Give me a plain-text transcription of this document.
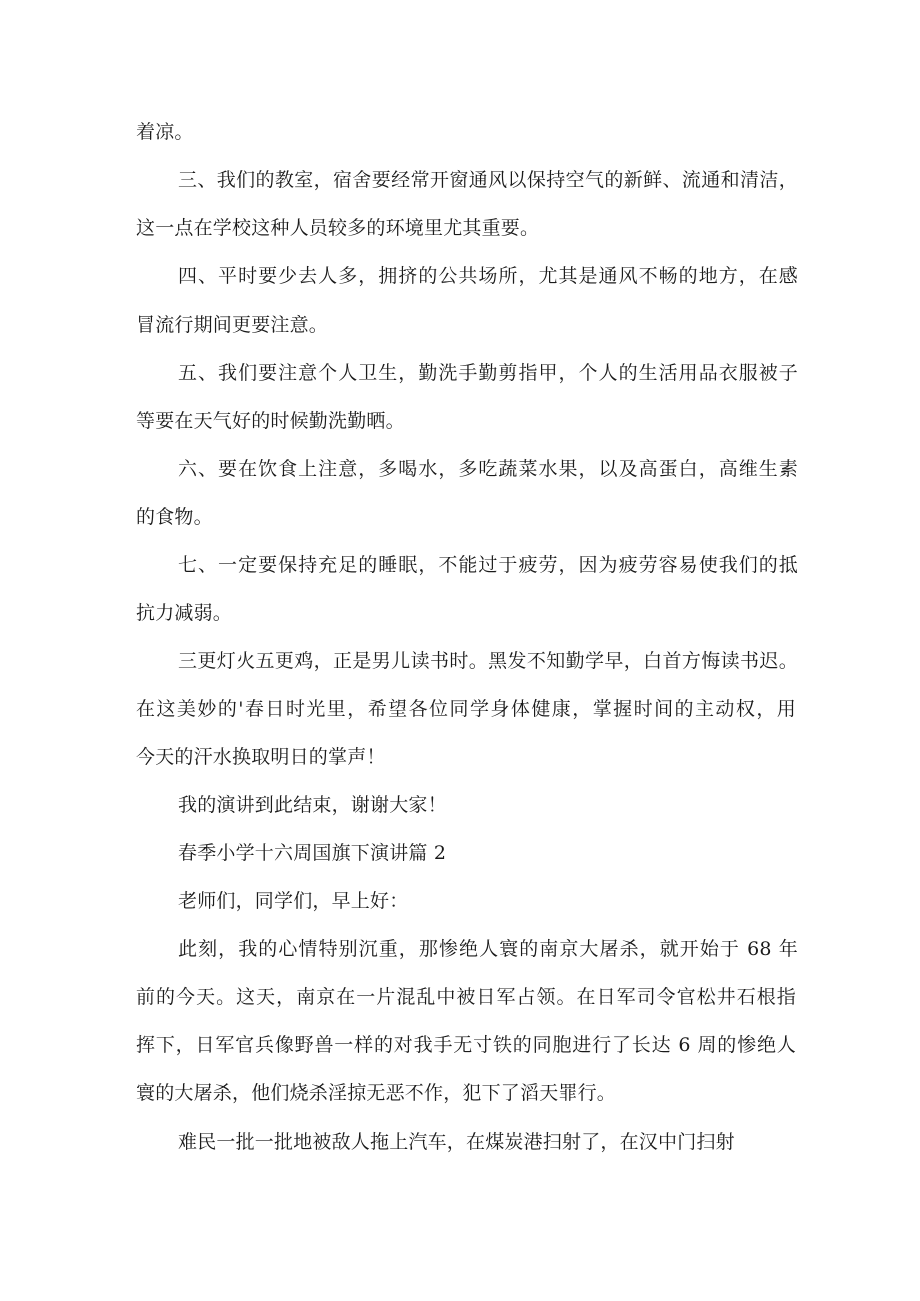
着凉。
三、我们的教室，宿舍要经常开窗通风以保持空气的新鲜、流通和清洁，
这一点在学校这种人员较多的环境里尤其重要。
四、平时要少去人多，拥挤的公共场所，尤其是通风不畅的地方，在感
冒流行期间更要注意。
五、我们要注意个人卫生，勤洗手勤剪指甲，个人的生活用品衣服被子
等要在天气好的时候勤洗勤晒。
六、要在饮食上注意，多喝水，多吃蔬菜水果，以及高蛋白，高维生素
的食物。
七、一定要保持充足的睡眠，不能过于疲劳，因为疲劳容易使我们的抵
抗力减弱。
三更灯火五更鸡，正是男儿读书时。黑发不知勤学早，白首方悔读书迟。
在这美妙的'春日时光里，希望各位同学身体健康，掌握时间的主动权，用
今天的汗水换取明日的掌声！
我的演讲到此结束，谢谢大家！
春季小学十六周国旗下演讲篇 2
老师们，同学们，早上好：
此刻，我的心情特别沉重，那惨绝人寰的南京大屠杀，就开始于 68 年
前的今天。这天，南京在一片混乱中被日军占领。在日军司令官松井石根指
挥下，日军官兵像野兽一样的对我手无寸铁的同胞进行了长达 6 周的惨绝人
寰的大屠杀，他们烧杀淫掠无恶不作，犯下了滔天罪行。
难民一批一批地被敌人拖上汽车，在煤炭港扫射了，在汉中门扫射
